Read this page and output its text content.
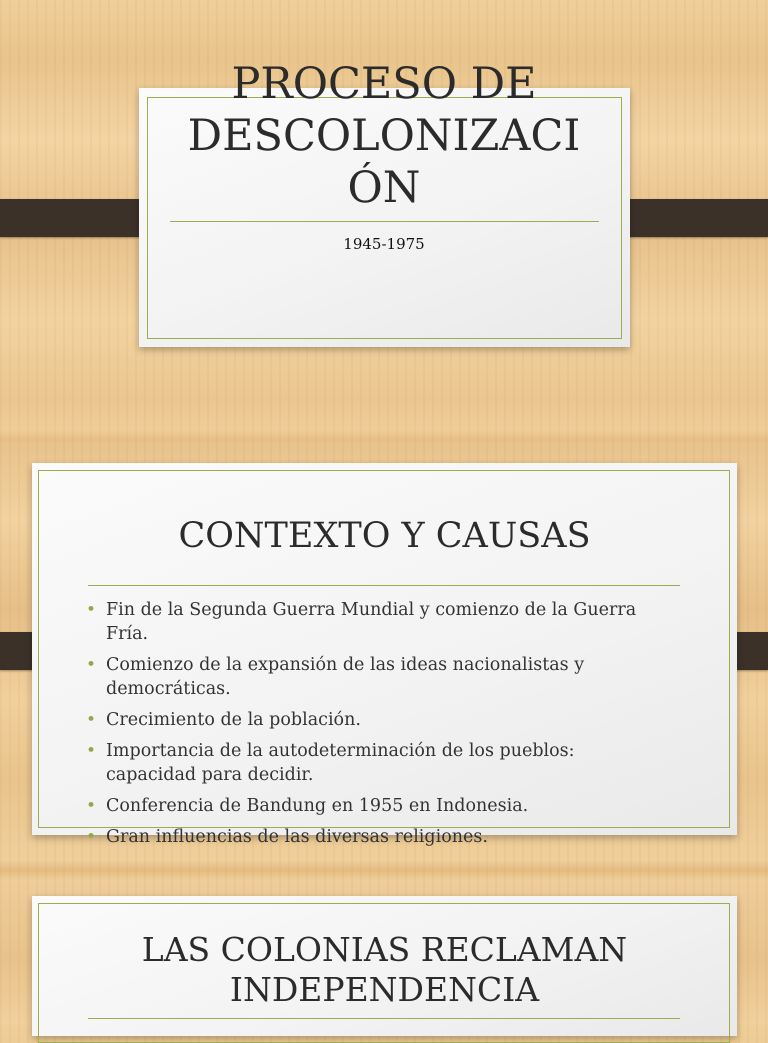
PROCESO DE
DESCOLONIZACI
ÓN
1945-1975
CONTEXTO Y CAUSAS
• Fin de la Segunda Guerra Mundial y comienzo de la Guerra Fría.
• Comienzo de la expansión de las ideas nacionalistas y democráticas.
• Crecimiento de la población.
• Importancia de la autodeterminación de los pueblos: capacidad para decidir.
• Conferencia de Bandung en 1955 en Indonesia.
• Gran influencias de las diversas religiones.
LAS COLONIAS RECLAMAN
INDEPENDENCIA
